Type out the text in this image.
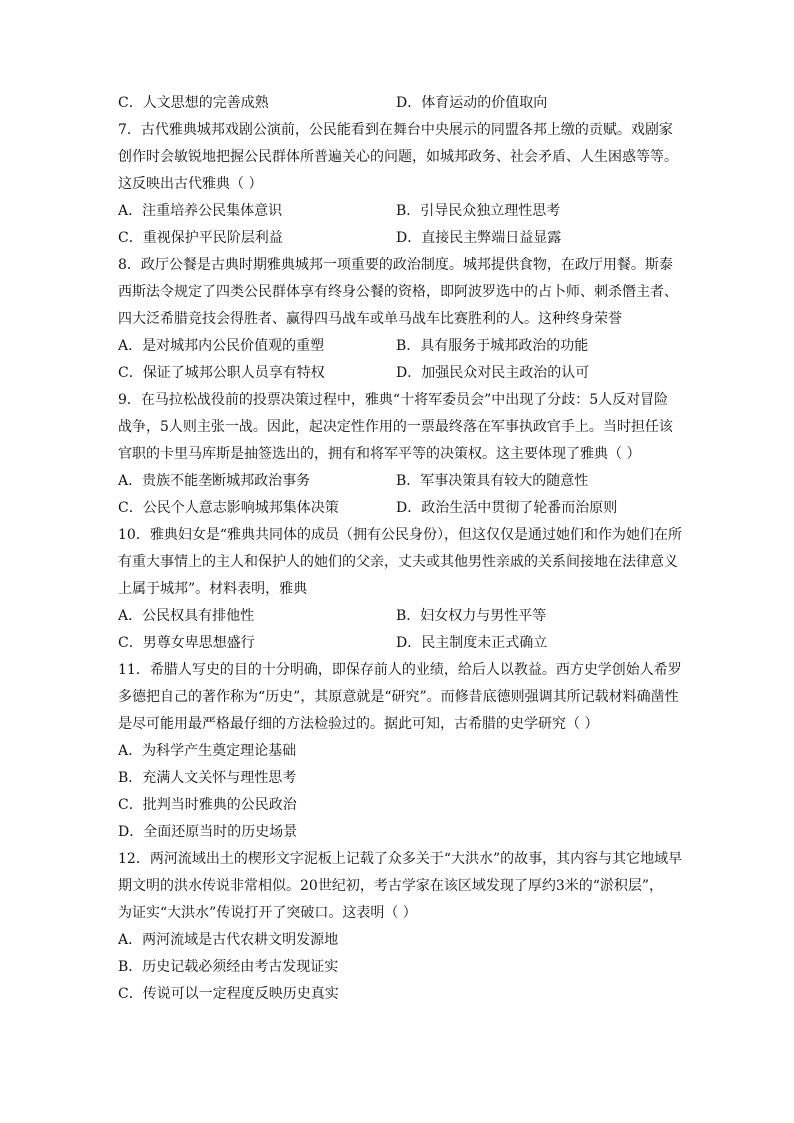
C．人文思想的完善成熟	D．体育运动的价值取向
7．古代雅典城邦戏剧公演前，公民能看到在舞台中央展示的同盟各邦上缴的贡赋。戏剧家
创作时会敏锐地把握公民群体所普遍关心的问题，如城邦政务、社会矛盾、人生困惑等等。
这反映出古代雅典（ ）
A．注重培养公民集体意识	B．引导民众独立理性思考
C．重视保护平民阶层利益	D．直接民主弊端日益显露
8．政厅公餐是古典时期雅典城邦一项重要的政治制度。城邦提供食物，在政厅用餐。斯泰
西斯法令规定了四类公民群体享有终身公餐的资格，即阿波罗选中的占卜师、刺杀僭主者、
四大泛希腊竞技会得胜者、赢得四马战车或单马战车比赛胜利的人。这种终身荣誉
A．是对城邦内公民价值观的重塑	B．具有服务于城邦政治的功能
C．保证了城邦公职人员享有特权	D．加强民众对民主政治的认可
9．在马拉松战役前的投票决策过程中，雅典“十将军委员会”中出现了分歧：5人反对冒险
战争，5人则主张一战。因此，起决定性作用的一票最终落在军事执政官手上。当时担任该
官职的卡里马库斯是抽签选出的，拥有和将军平等的决策权。这主要体现了雅典（ ）
A．贵族不能垄断城邦政治事务	B．军事决策具有较大的随意性
C．公民个人意志影响城邦集体决策	D．政治生活中贯彻了轮番而治原则
10．雅典妇女是“雅典共同体的成员（拥有公民身份），但这仅仅是通过她们和作为她们在所
有重大事情上的主人和保护人的她们的父亲，丈夫或其他男性亲戚的关系间接地在法律意义
上属于城邦”。材料表明，雅典
A．公民权具有排他性	B．妇女权力与男性平等
C．男尊女卑思想盛行	D．民主制度未正式确立
11．希腊人写史的目的十分明确，即保存前人的业绩，给后人以教益。西方史学创始人希罗
多德把自己的著作称为“历史”，其原意就是“研究”。而修昔底德则强调其所记载材料确凿性
是尽可能用最严格最仔细的方法检验过的。据此可知，古希腊的史学研究（ ）
A．为科学产生奠定理论基础
B．充满人文关怀与理性思考
C．批判当时雅典的公民政治
D．全面还原当时的历史场景
12．两河流域出土的楔形文字泥板上记载了众多关于“大洪水”的故事，其内容与其它地域早
期文明的洪水传说非常相似。20世纪初，考古学家在该区域发现了厚约3米的“淤积层”，
为证实“大洪水”传说打开了突破口。这表明（ ）
A．两河流域是古代农耕文明发源地
B．历史记载必须经由考古发现证实
C．传说可以一定程度反映历史真实
